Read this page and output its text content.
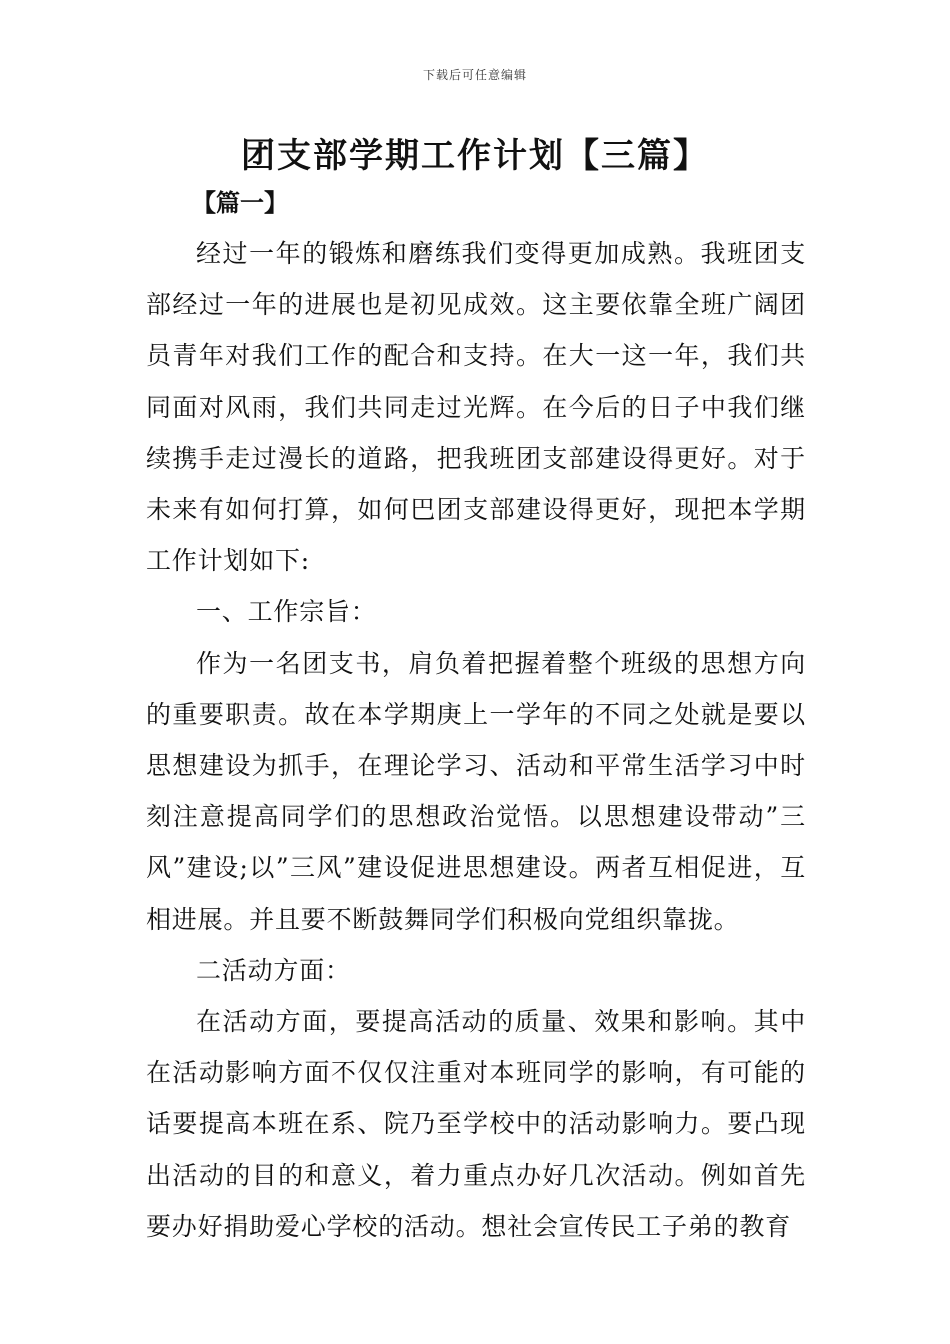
下载后可任意编辑
团支部学期工作计划【三篇】
【篇一】

经过一年的锻炼和磨练我们变得更加成熟。我班团支部经过一年的进展也是初见成效。这主要依靠全班广阔团员青年对我们工作的配合和支持。在大一这一年，我们共同面对风雨，我们共同走过光辉。在今后的日子中我们继续携手走过漫长的道路，把我班团支部建设得更好。对于未来有如何打算，如何巴团支部建设得更好，现把本学期工作计划如下:

一、工作宗旨：

作为一名团支书，肩负着把握着整个班级的思想方向的重要职责。故在本学期庚上一学年的不同之处就是要以思想建设为抓手，在理论学习、活动和平常生活学习中时刻注意提高同学们的思想政治觉悟。以思想建设带动”三风”建设;以”三风”建设促进思想建设。两者互相促进，互相进展。并且要不断鼓舞同学们积极向党组织靠拢。

二活动方面：

在活动方面，要提高活动的质量、效果和影响。其中在活动影响方面不仅仅注重对本班同学的影响，有可能的话要提高本班在系、院乃至学校中的活动影响力。要凸现出活动的目的和意义，着力重点办好几次活动。例如首先要办好捐助爱心学校的活动。想社会宣传民工子弟的教育
